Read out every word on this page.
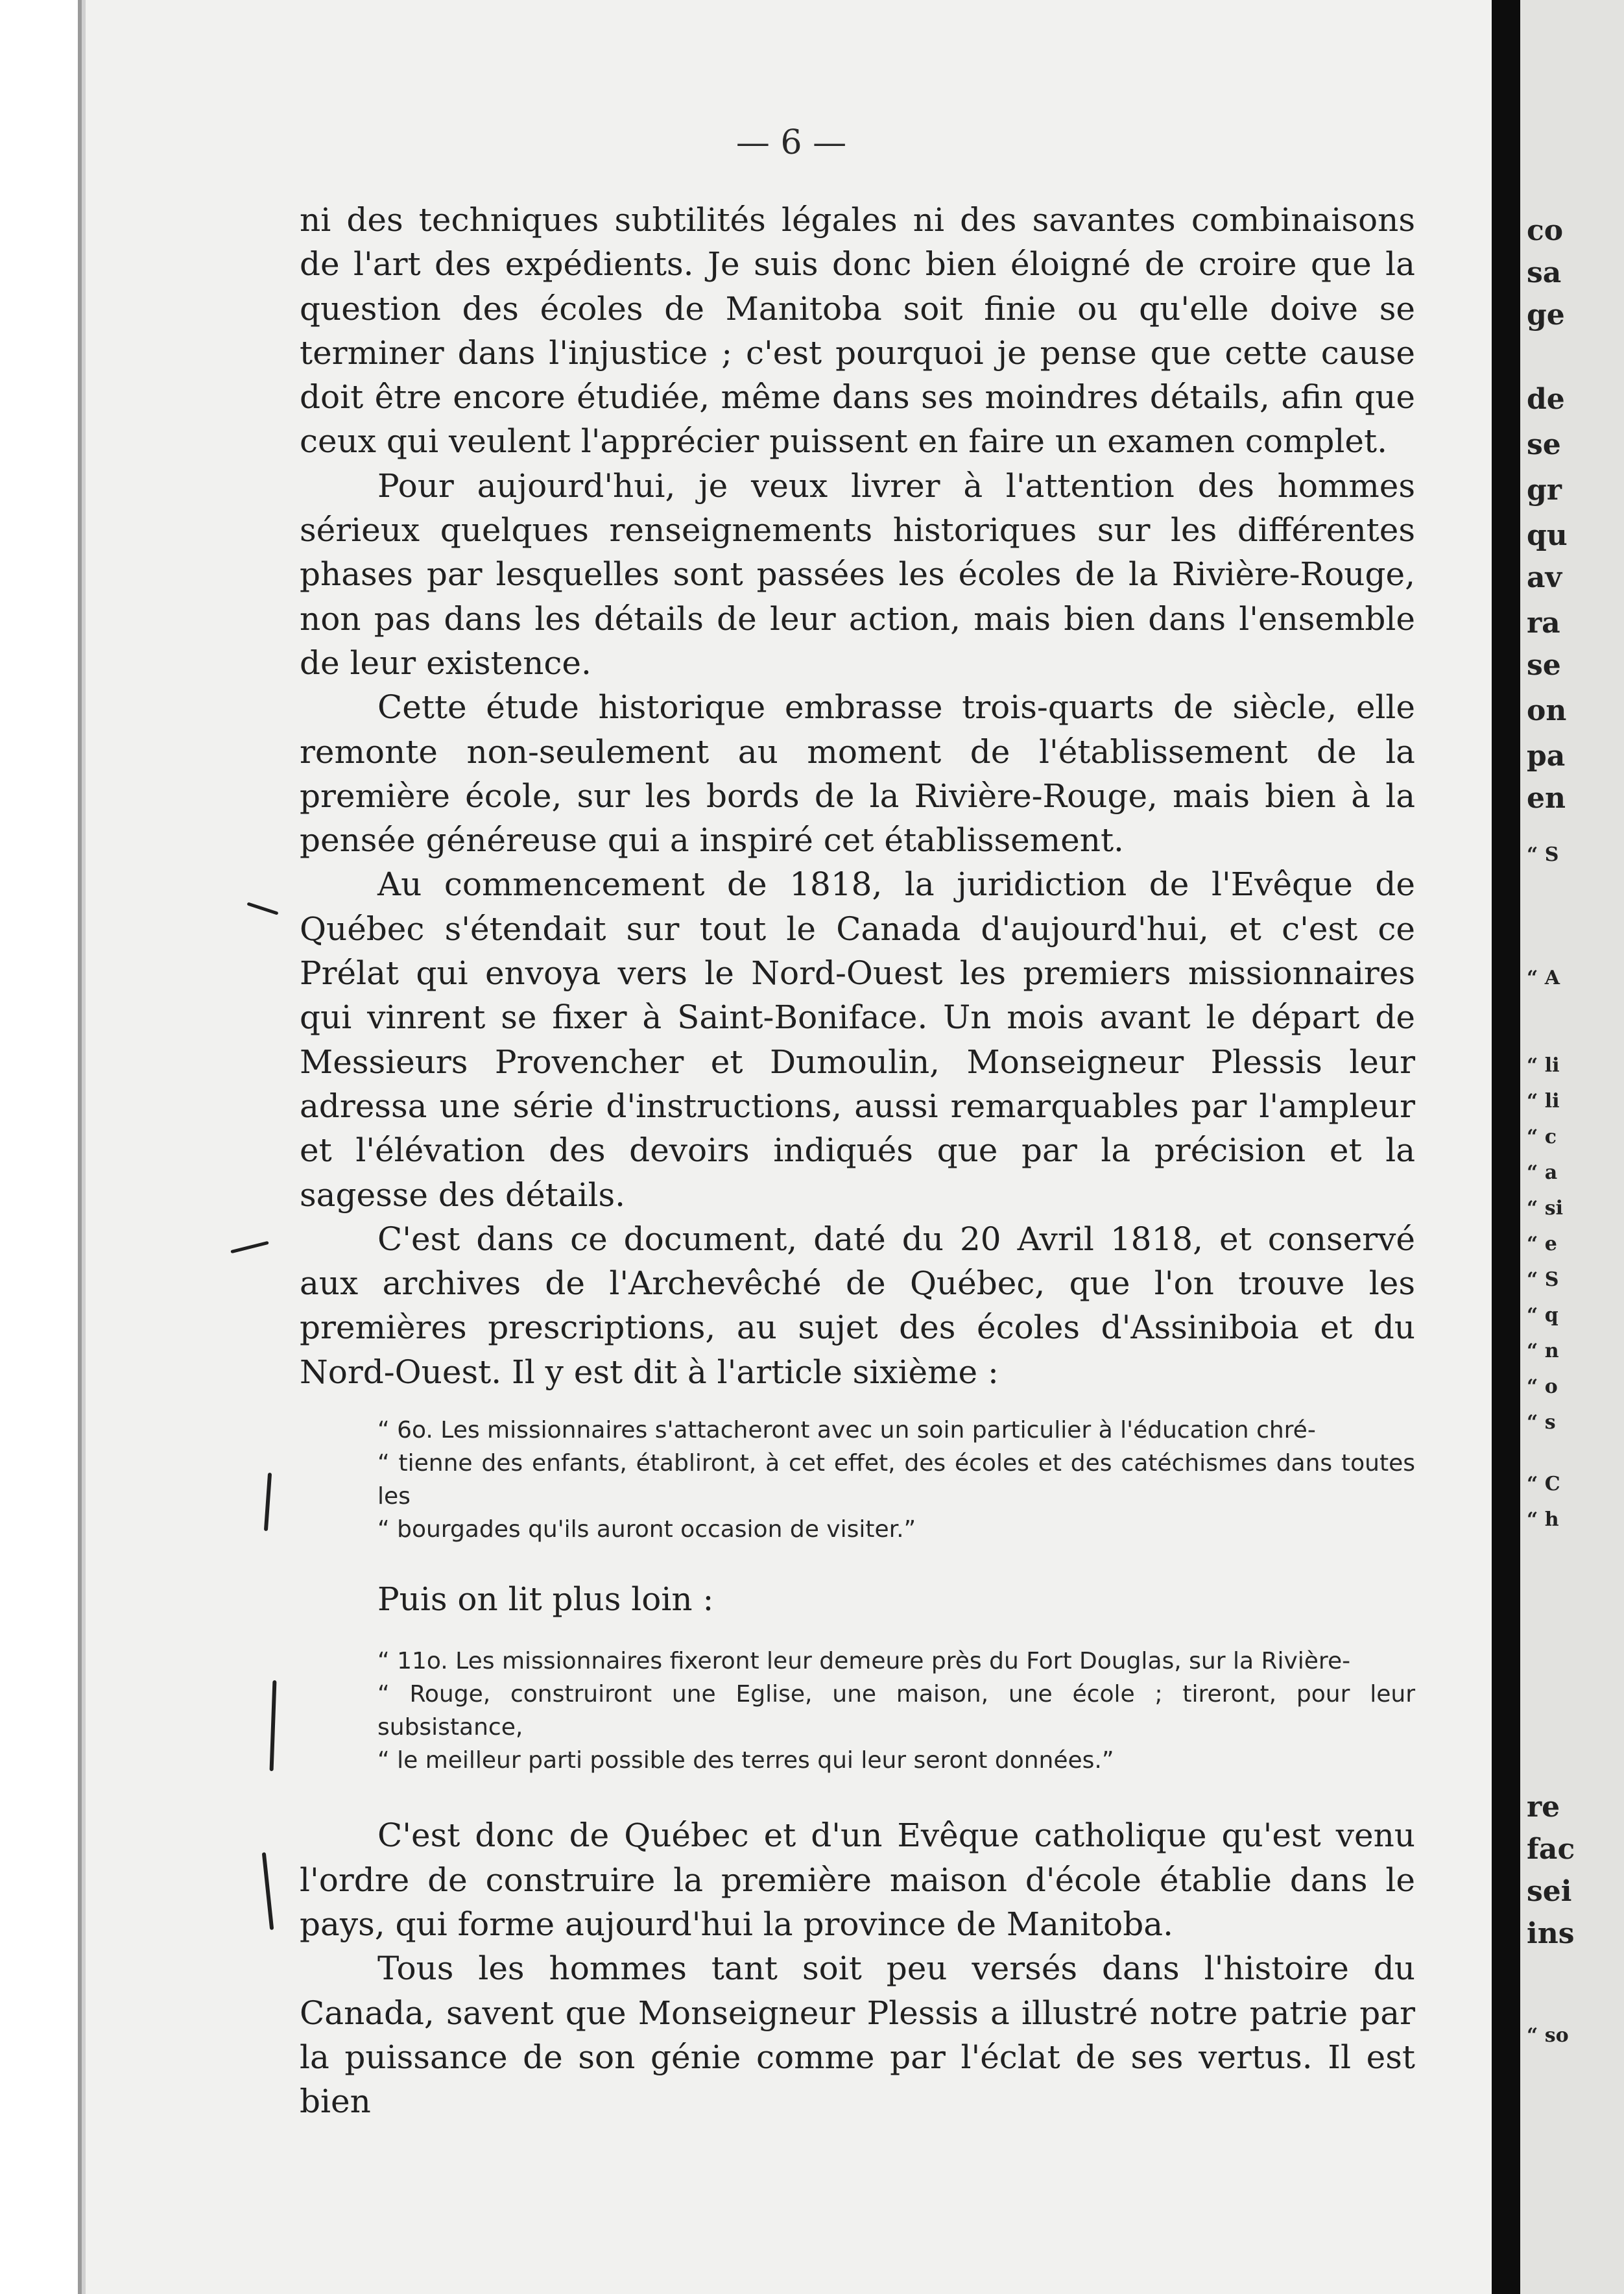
— 6 —

ni des techniques subtilités légales ni des savantes combinaisons de l'art des expédients. Je suis donc bien éloigné de croire que la question des écoles de Manitoba soit finie ou qu'elle doive se terminer dans l'injustice ; c'est pourquoi je pense que cette cause doit être encore étudiée, même dans ses moindres détails, afin que ceux qui veulent l'apprécier puissent en faire un examen complet.

Pour aujourd'hui, je veux livrer à l'attention des hommes sérieux quelques renseignements historiques sur les différentes phases par lesquelles sont passées les écoles de la Rivière-Rouge, non pas dans les détails de leur action, mais bien dans l'ensemble de leur existence.

Cette étude historique embrasse trois-quarts de siècle, elle remonte non-seulement au moment de l'établissement de la première école, sur les bords de la Rivière-Rouge, mais bien à la pensée généreuse qui a inspiré cet établissement.

Au commencement de 1818, la juridiction de l'Evêque de Québec s'étendait sur tout le Canada d'aujourd'hui, et c'est ce Prélat qui envoya vers le Nord-Ouest les premiers missionnaires qui vinrent se fixer à Saint-Boniface. Un mois avant le départ de Messieurs Provencher et Dumoulin, Monseigneur Plessis leur adressa une série d'instructions, aussi remarquables par l'ampleur et l'élévation des devoirs indiqués que par la précision et la sagesse des détails.

C'est dans ce document, daté du 20 Avril 1818, et conservé aux archives de l'Archevêché de Québec, que l'on trouve les premières prescriptions, au sujet des écoles d'Assiniboia et du Nord-Ouest. Il y est dit à l'article sixième :

“ 6o. Les missionnaires s'attacheront avec un soin particulier à l'éducation chré-
“ tienne des enfants, établiront, à cet effet, des écoles et des catéchismes dans toutes les
“ bourgades qu'ils auront occasion de visiter.”

Puis on lit plus loin :

“ 11o. Les missionnaires fixeront leur demeure près du Fort Douglas, sur la Rivière-
“ Rouge, construiront une Eglise, une maison, une école ; tireront, pour leur subsistance,
“ le meilleur parti possible des terres qui leur seront données.”

C'est donc de Québec et d'un Evêque catholique qu'est venu l'ordre de construire la première maison d'école établie dans le pays, qui forme aujourd'hui la province de Manitoba.

Tous les hommes tant soit peu versés dans l'histoire du Canada, savent que Monseigneur Plessis a illustré notre patrie par la puissance de son génie comme par l'éclat de ses vertus. Il est bien

co
sa
ge
de
se
gr
qu
av
ra
se
on
pa
en
“ S
“ A
“ li
“ li
“ c
“ a
“ si
“ e
“ S
“ q
“ n
“ o
“ s
“ C
“ h
re
fac
sei
ins
“ so
